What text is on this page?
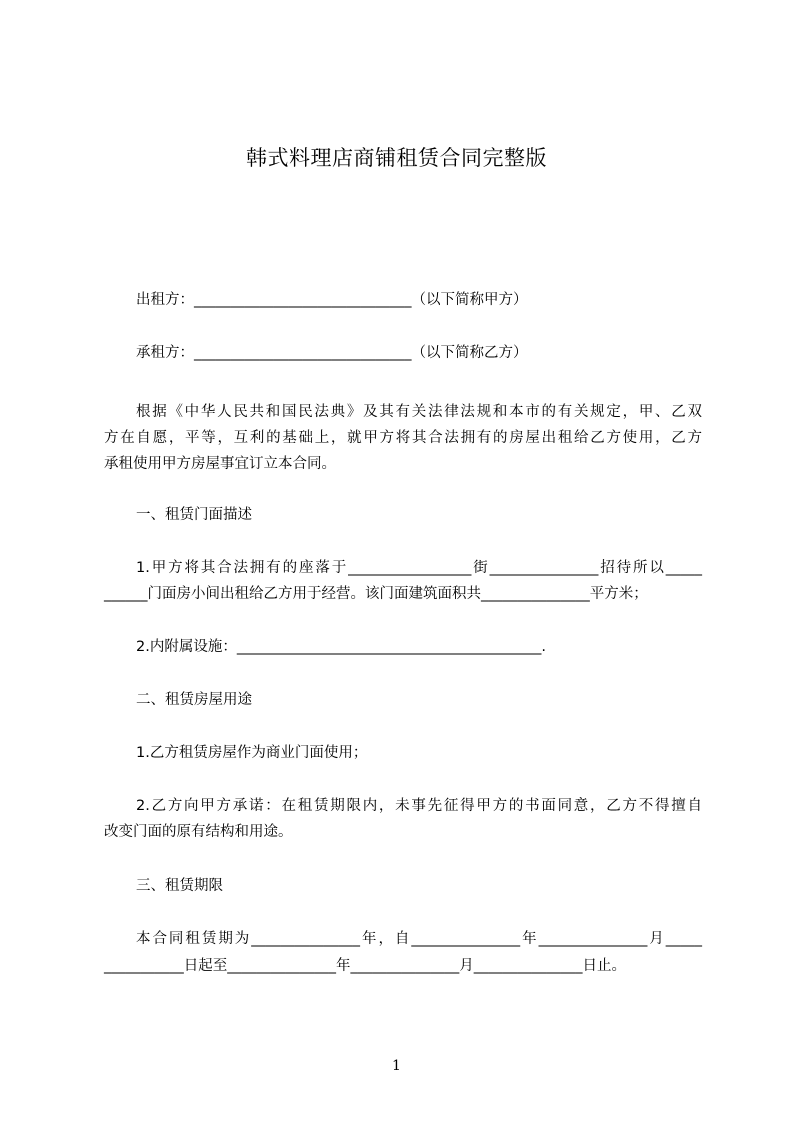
韩式料理店商铺租赁合同完整版
出租方：______________________________（以下简称甲方）
承租方：______________________________（以下简称乙方）
根据《中华人民共和国民法典》及其有关法律法规和本市的有关规定，甲、乙双
方在自愿，平等，互利的基础上，就甲方将其合法拥有的房屋出租给乙方使用，乙方
承租使用甲方房屋事宜订立本合同。
一、租赁门面描述
1.甲方将其合法拥有的座落于_________________街_______________招待所以_____
______门面房小间出租给乙方用于经营。该门面建筑面积共_______________平方米；
2.内附属设施：__________________________________________.
二、租赁房屋用途
1.乙方租赁房屋作为商业门面使用；
2.乙方向甲方承诺：在租赁期限内，未事先征得甲方的书面同意，乙方不得擅自
改变门面的原有结构和用途。
三、租赁期限
本合同租赁期为_______________年，自_______________年_______________月_____
___________日起至_______________年_______________月_______________日止。
1
